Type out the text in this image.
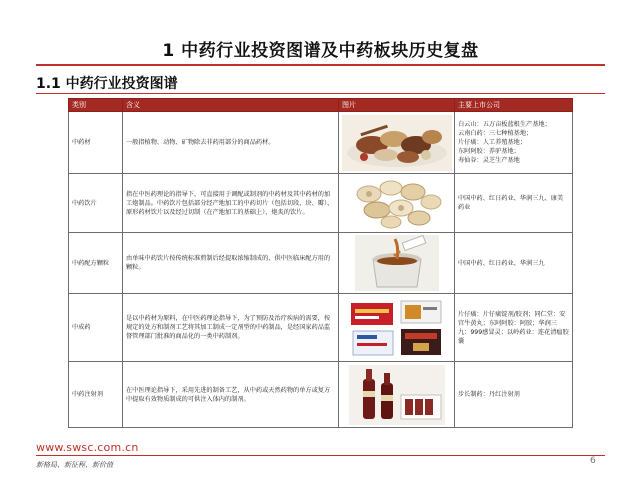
1 中药行业投资图谱及中药板块历史复盘
1.1 中药行业投资图谱
类别	含义	图片	主要上市公司
中药材	一般指植物、动物、矿物除去非药用部分的商品药材。		白云山：五万亩板蓝根生产基地；
云南白药：三七种植基地；
片仔癀：人工养殖基地；
东阿阿胶：养驴基地；
寿仙谷：灵芝生产基地

中药饮片	指在中医药理论的指导下，可直接用于调配或制剂的中药材及其中药材的加工炮制品。中药饮片包括部分经产地加工的中药切片（包括切段、块、瓣），原形药材饮片以及经过切制（在产地加工的基础上）、炮炙的饮片。		中国中药、红日药业、华润三九、康美药业
中药配方颗粒	由单味中药饮片按传统标准煎制后经提取浓缩制成的、供中医临床配方用的颗粒。		中国中药、红日药业、华润三九
中成药	是以中药材为原料，在中医药理论指导下，为了预防及治疗疾病的需要，按规定的处方和制剂工艺将其加工制成一定剂型的中药制品，是经国家药品监督管理部门批准的商品化的一类中药制剂。		片仔癀：片仔癀锭剂/胶剂；同仁堂：安宫牛黄丸；东阿阿胶：阿胶；华润三九：999感冒灵；以岭药业：连花清瘟胶囊
中药注射剂	在中医理论指导下，采用先进的制备工艺，从中药或天然药物的单方或复方中提取有效物质制成的可供注入体内的制剂。		步长制药：丹红注射剂
www.swsc.com.cn
新格局、新征程、新价值	6
